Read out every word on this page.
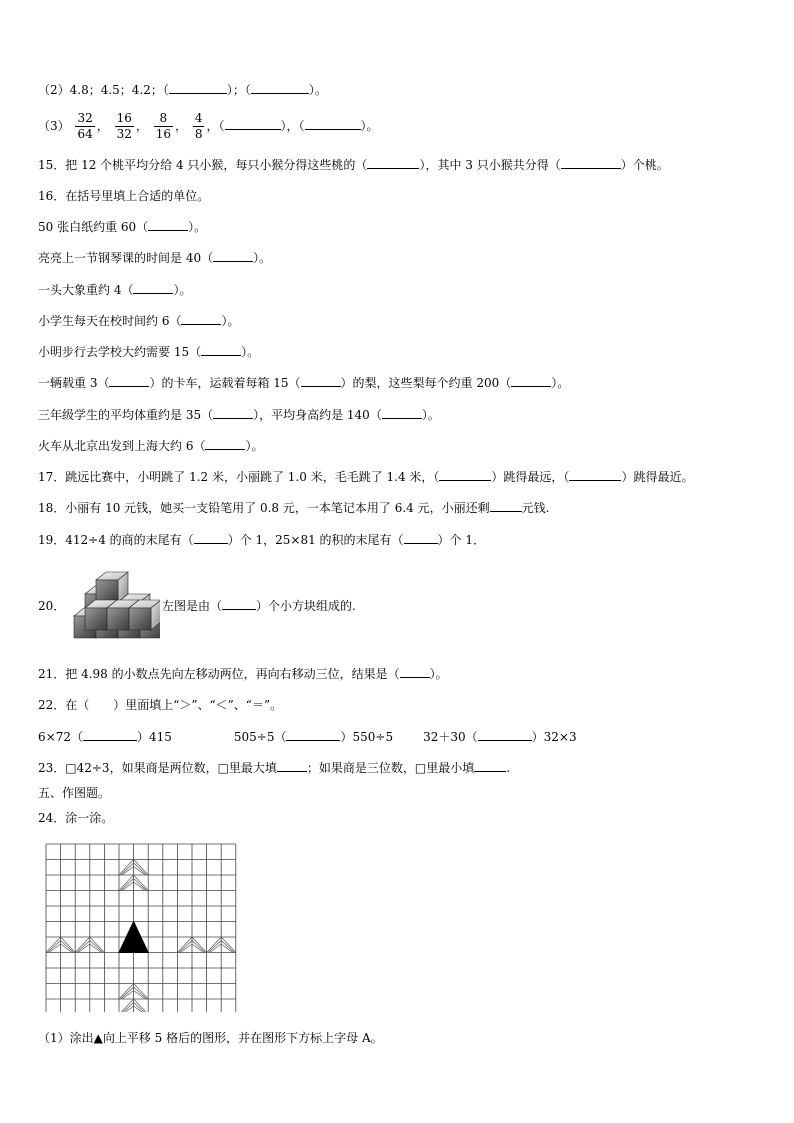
（2）4.8；4.5；4.2；（	）；（	）。
$(3) \frac{32}{64}$ ， $\frac{16}{32}$ ， $\frac{8}{16}$ ， $\frac{4}{8}$ ，（	），（	）。
15．把 12 个桃平均分给 4 只小猴，每只小猴分得这些桃的（	），其中 3 只小猴共分得（	）个桃。
16．在括号里填上合适的单位。
50 张白纸约重 60（	）。
亮亮上一节钢琴课的时间是 40（	）。
一头大象重约 4（	）。
小学生每天在校时间约 6（	）。
小明步行去学校大约需要 15（	）。
一辆载重 3（	）的卡车，运载着每箱 15（	）的梨，这些梨每个约重 200（	）。
三年级学生的平均体重约是 35（	），平均身高约是 140（	）。
火车从北京出发到上海大约 6（	）。
17．跳远比赛中，小明跳了 1.2 米，小丽跳了 1.0 米，毛毛跳了 1.4 米，（	）跳得最远，（	）跳得最近。
18．小丽有 10 元钱，她买一支铅笔用了 0.8 元，一本笔记本用了 6.4 元，小丽还剩	元钱.
19．412÷4 的商的末尾有（	）个 1，25×81 的积的末尾有（	）个 1．
20．	左图是由（	）个小方块组成的.
21．把 4.98 的小数点先向左移动两位，再向右移动三位，结果是（	）。
22．在（　　）里面填上“＞”、“＜”、“＝”。
6×72（	）415	505÷5（	）550÷5	32＋30（	）32×3
23．□42÷3，如果商是两位数，□里最大填	；如果商是三位数，□里最小填	.
五、作图题。
24．涂一涂。
（1）涂出▲向上平移 5 格后的图形，并在图形下方标上字母 A。
